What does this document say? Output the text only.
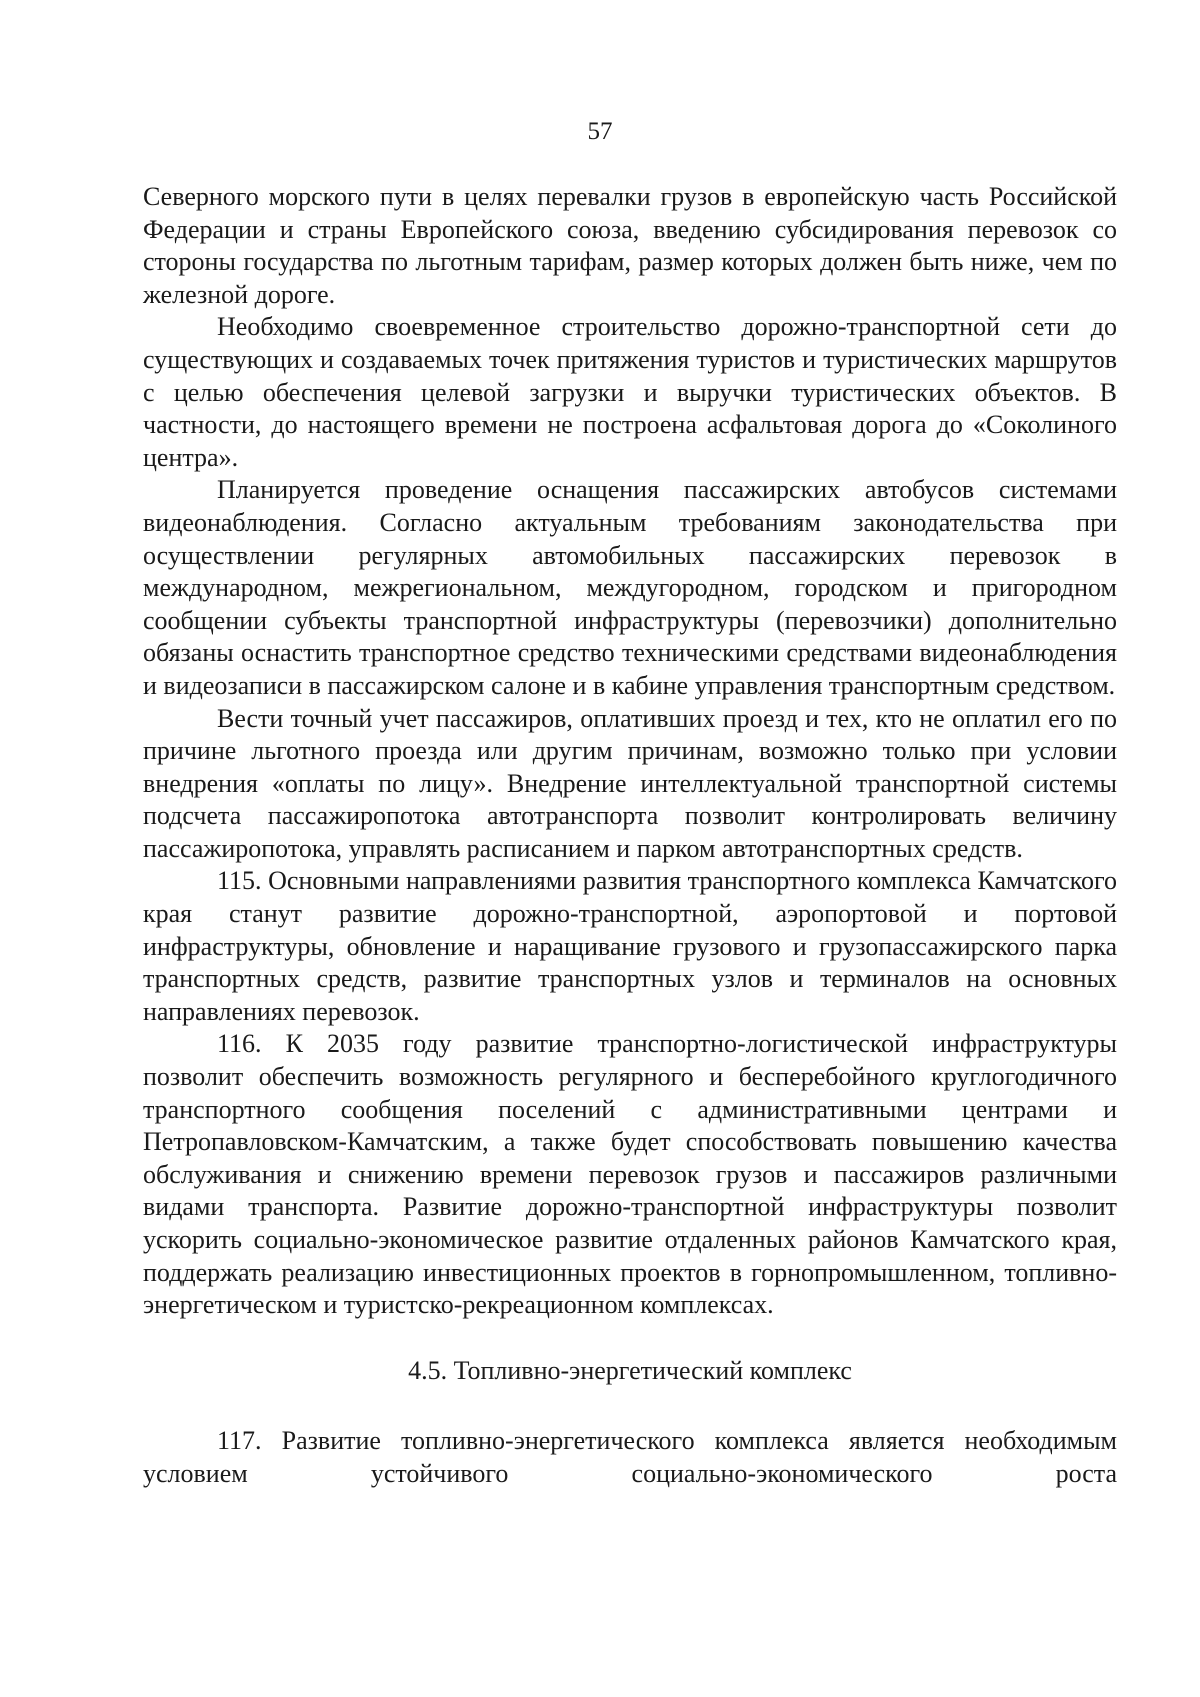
57

Северного морского пути в целях перевалки грузов в европейскую часть Российской Федерации и страны Европейского союза, введению субсидирования перевозок со стороны государства по льготным тарифам, размер которых должен быть ниже, чем по железной дороге.

Необходимо своевременное строительство дорожно-транспортной сети до существующих и создаваемых точек притяжения туристов и туристических маршрутов с целью обеспечения целевой загрузки и выручки туристических объектов. В частности, до настоящего времени не построена асфальтовая дорога до «Соколиного центра».

Планируется проведение оснащения пассажирских автобусов системами видеонаблюдения. Согласно актуальным требованиям законодательства при осуществлении регулярных автомобильных пассажирских перевозок в международном, межрегиональном, междугородном, городском и пригородном сообщении субъекты транспортной инфраструктуры (перевозчики) дополнительно обязаны оснастить транспортное средство техническими средствами видеонаблюдения и видеозаписи в пассажирском салоне и в кабине управления транспортным средством.

Вести точный учет пассажиров, оплативших проезд и тех, кто не оплатил его по причине льготного проезда или другим причинам, возможно только при условии внедрения «оплаты по лицу». Внедрение интеллектуальной транспортной системы подсчета пассажиропотока автотранспорта позволит контролировать величину пассажиропотока, управлять расписанием и парком автотранспортных средств.

115. Основными направлениями развития транспортного комплекса Камчатского края станут развитие дорожно-транспортной, аэропортовой и портовой инфраструктуры, обновление и наращивание грузового и грузопассажирского парка транспортных средств, развитие транспортных узлов и терминалов на основных направлениях перевозок.

116. К 2035 году развитие транспортно-логистической инфраструктуры позволит обеспечить возможность регулярного и бесперебойного круглогодичного транспортного сообщения поселений с административными центрами и Петропавловском-Камчатским, а также будет способствовать повышению качества обслуживания и снижению времени перевозок грузов и пассажиров различными видами транспорта. Развитие дорожно-транспортной инфраструктуры позволит ускорить социально-экономическое развитие отдаленных районов Камчатского края, поддержать реализацию инвестиционных проектов в горнопромышленном, топливно-энергетическом и туристско-рекреационном комплексах.

4.5. Топливно-энергетический комплекс

117. Развитие топливно-энергетического комплекса является необходимым условием устойчивого социально-экономического роста
